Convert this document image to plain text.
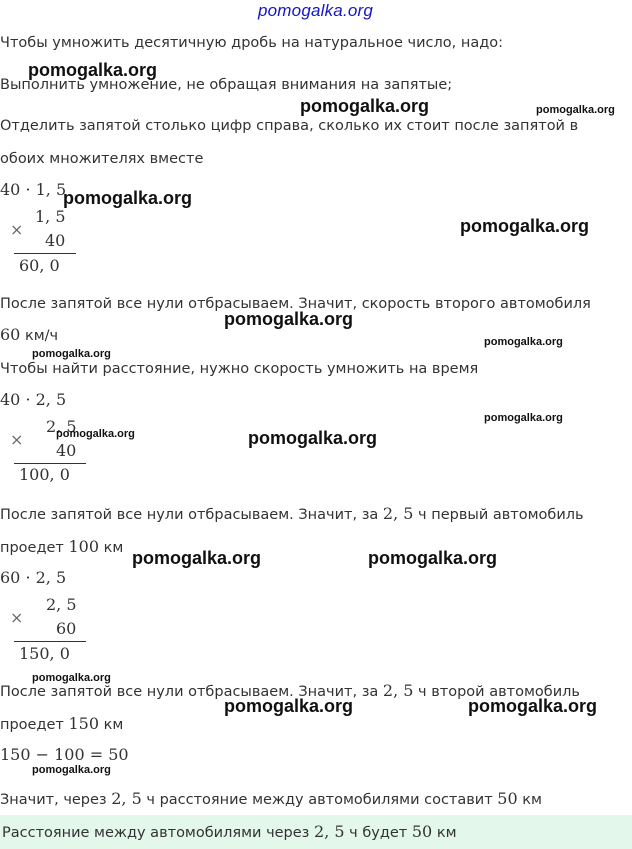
pomogalka.org
Чтобы умножить десятичную дробь на натуральное число, надо:
Выполнить умножение, не обращая внимания на запятые;
Отделить запятой столько цифр справа, сколько их стоит после запятой в
обоих множителях вместе
40 · 1, 5
1, 5
×
40
60, 0
После запятой все нули отбрасываем. Значит, скорость второго автомобиля
60 км/ч
Чтобы найти расстояние, нужно скорость умножить на время
40 · 2, 5
2, 5
×
40
100, 0
После запятой все нули отбрасываем. Значит, за 2, 5 ч первый автомобиль
проедет 100 км
60 · 2, 5
2, 5
×
60
150, 0
После запятой все нули отбрасываем. Значит, за 2, 5 ч второй автомобиль
проедет 150 км
150 − 100 = 50
Значит, через 2, 5 ч расстояние между автомобилями составит 50 км
Расстояние между автомобилями через 2, 5 ч будет 50 км
pomogalka.org
pomogalka.org	pomogalka.org
pomogalka.org
pomogalka.org
pomogalka.org
pomogalka.org
pomogalka.org
pomogalka.org
pomogalka.org	pomogalka.org
pomogalka.org	pomogalka.org
pomogalka.org
pomogalka.org	pomogalka.org
pomogalka.org
